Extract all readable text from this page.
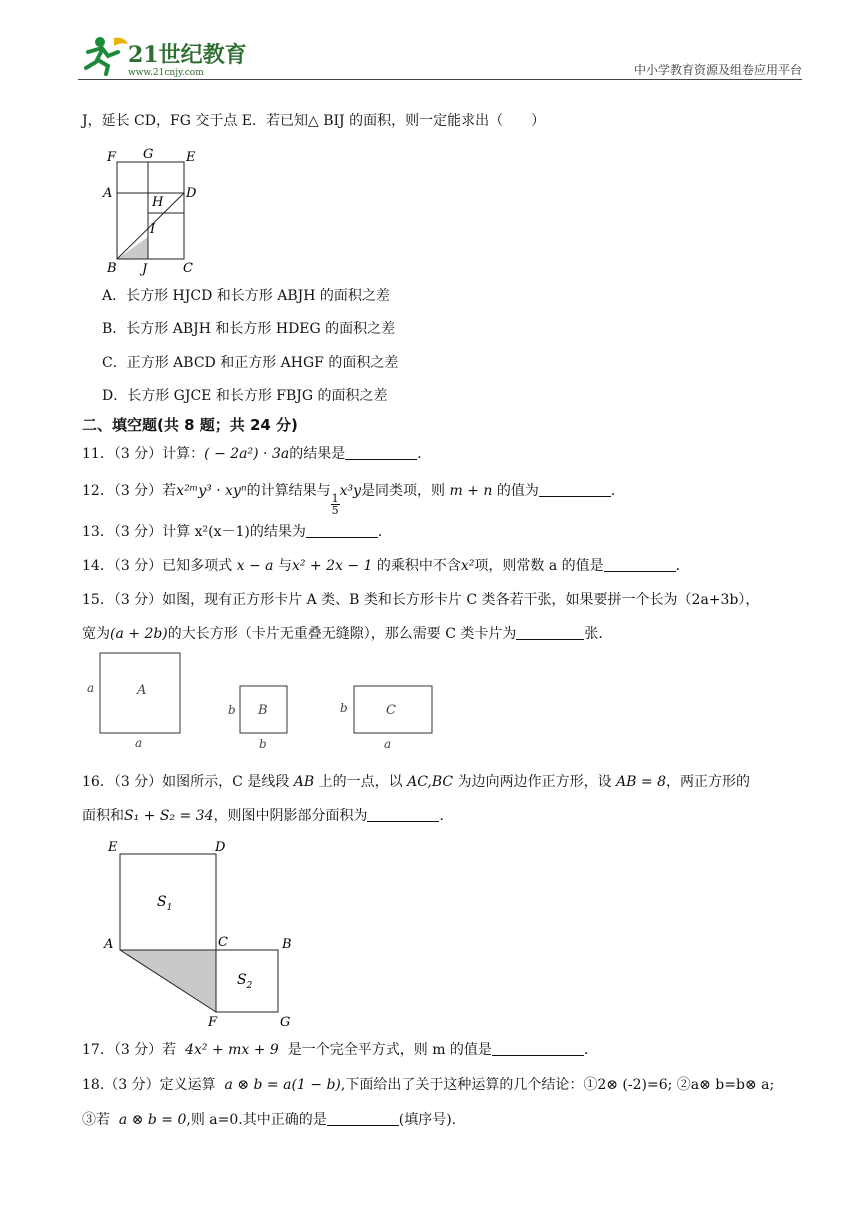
21世纪教育
www.21cnjy.com	中小学教育资源及组卷应用平台
J，延长 CD，FG 交于点 E．若已知△ BIJ 的面积，则一定能求出（　　）
F G	E
A
H
D
I
B J	C
A．长方形 HJCD 和长方形 ABJH 的面积之差
B．长方形 ABJH 和长方形 HDEG 的面积之差
C．正方形 ABCD 和正方形 AHGF 的面积之差
D．长方形 GJCE 和长方形 FBJG 的面积之差
二、填空题(共 8 题；共 24 分)
11．（3 分）计算：( − 2a²) · 3a的结果是	．
12．（3 分）若x²ᵐy³ · xyⁿ的计算结果与
$\frac{1}{5}$
x³y是同类项，则 m + n 的值为	．
13．（3 分）计算 x²(x－1)的结果为	.
14．（3 分）已知多项式 x − a 与x² + 2x − 1 的乘积中不含x²项，则常数 a 的值是	．
15．（3 分）如图，现有正方形卡片 A 类、B 类和长方形卡片 C 类各若干张，如果要拼一个长为（2a+3b），
宽为(a + 2b)的大长方形（卡片无重叠无缝隙），那么需要 C 类卡片为	张．
A
a
a
B
b
b
C
b
a
16．（3 分）如图所示，C 是线段 AB 上的一点，以 AC,BC 为边向两边作正方形，设 AB = 8，两正方形的
面积和S₁ + S₂ = 34，则图中阴影部分面积为	．
E	D
$S_1$
A	C	B
$S_2$
F	G
17．（3 分）若 4x² + mx + 9 是一个完全平方式，则 m 的值是	．
18.（3 分）定义运算 a ⊗ b = a(1 − b),下面给出了关于这种运算的几个结论：①2⊗ (-2)=6; ②a⊗ b=b⊗ a;
③若 a ⊗ b = 0,则 a=0.其中正确的是	(填序号).
